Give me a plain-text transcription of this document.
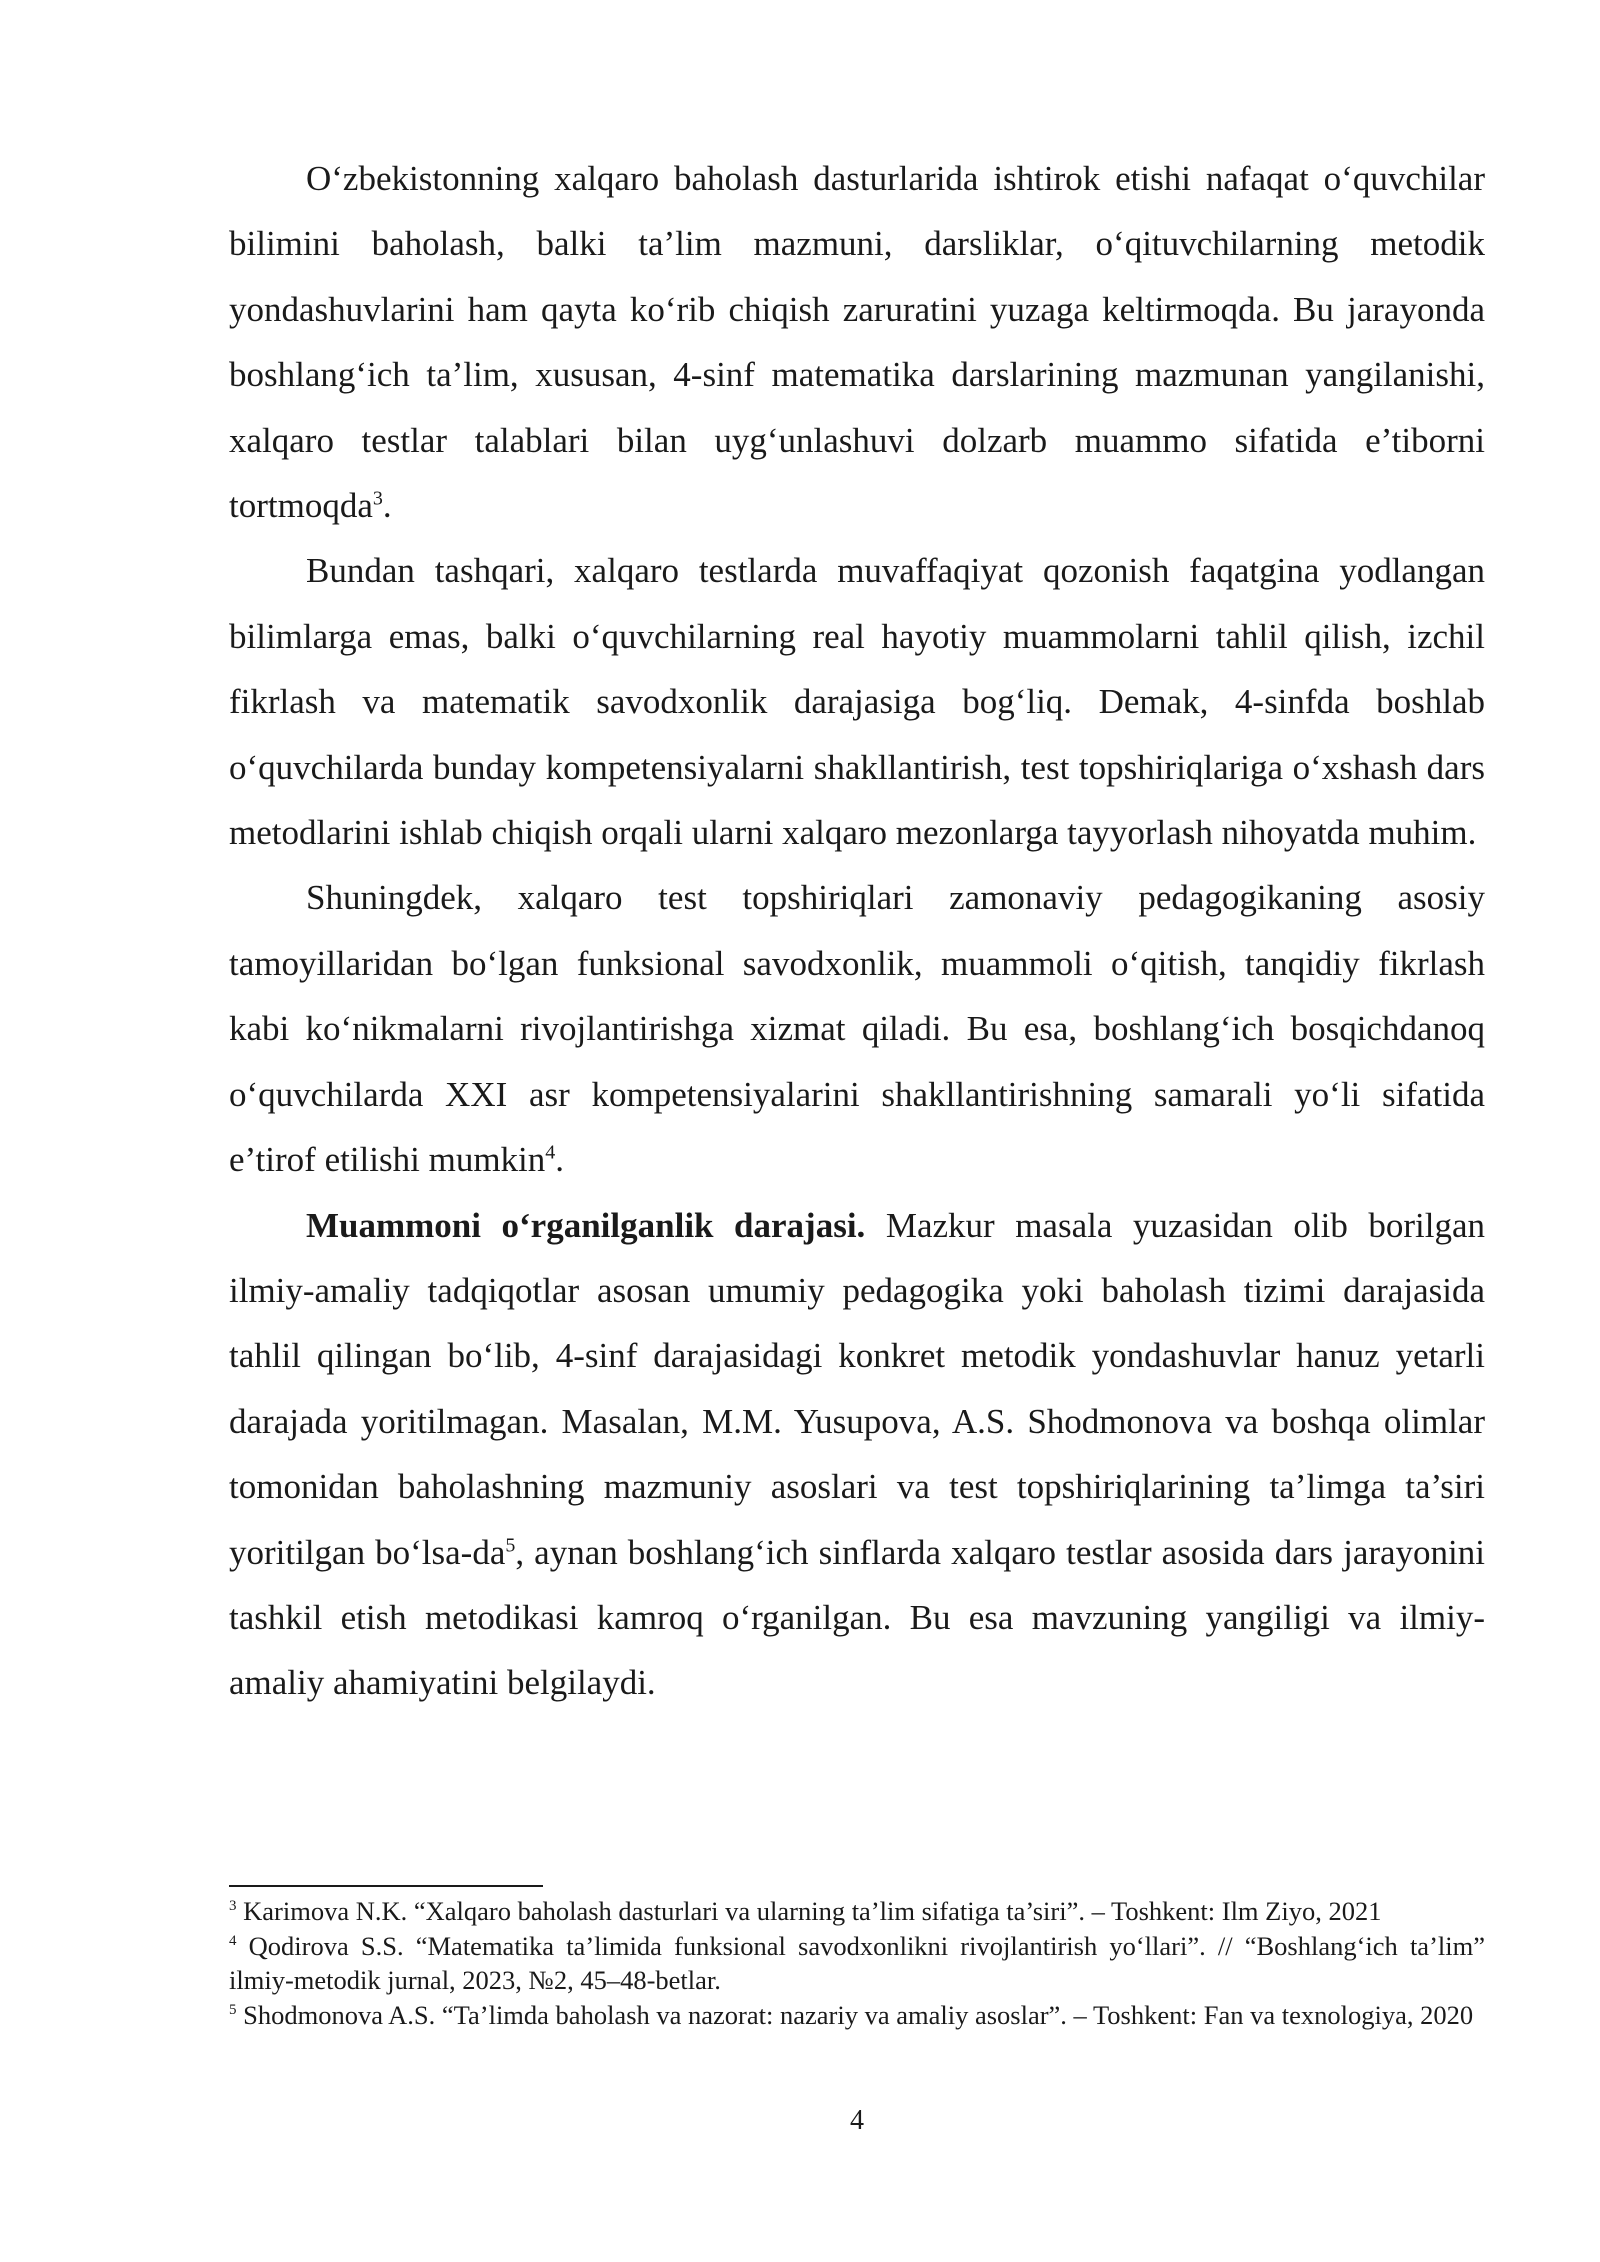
O‘zbekistonning xalqaro baholash dasturlarida ishtirok etishi nafaqat o‘quvchilar bilimini baholash, balki ta’lim mazmuni, darsliklar, o‘qituvchilarning metodik yondashuvlarini ham qayta ko‘rib chiqish zaruratini yuzaga keltirmoqda. Bu jarayonda boshlang‘ich ta’lim, xususan, 4-sinf matematika darslarining mazmunan yangilanishi, xalqaro testlar talablari bilan uyg‘unlashuvi dolzarb muammo sifatida e’tiborni tortmoqda$^3$.

Bundan tashqari, xalqaro testlarda muvaffaqiyat qozonish faqatgina yodlangan bilimlarga emas, balki o‘quvchilarning real hayotiy muammolarni tahlil qilish, izchil fikrlash va matematik savodxonlik darajasiga bog‘liq. Demak, 4-sinfda boshlab o‘quvchilarda bunday kompetensiyalarni shakllantirish, test topshiriqlariga o‘xshash dars metodlarini ishlab chiqish orqali ularni xalqaro mezonlarga tayyorlash nihoyatda muhim.

Shuningdek, xalqaro test topshiriqlari zamonaviy pedagogikaning asosiy tamoyillaridan bo‘lgan funksional savodxonlik, muammoli o‘qitish, tanqidiy fikrlash kabi ko‘nikmalarni rivojlantirishga xizmat qiladi. Bu esa, boshlang‘ich bosqichdanoq o‘quvchilarda XXI asr kompetensiyalarini shakllantirishning samarali yo‘li sifatida e’tirof etilishi mumkin$^4$.

Muammoni o‘rganilganlik darajasi. Mazkur masala yuzasidan olib borilgan ilmiy-amaliy tadqiqotlar asosan umumiy pedagogika yoki baholash tizimi darajasida tahlil qilingan bo‘lib, 4-sinf darajasidagi konkret metodik yondashuvlar hanuz yetarli darajada yoritilmagan. Masalan, M.M. Yusupova, A.S. Shodmonova va boshqa olimlar tomonidan baholashning mazmuniy asoslari va test topshiriqlarining ta’limga ta’siri yoritilgan $bo‘lsa-da^5$, aynan boshlang‘ich sinflarda xalqaro testlar asosida dars jarayonini tashkil etish metodikasi kamroq o‘rganilgan. Bu esa mavzuning yangiligi va ilmiy-amaliy ahamiyatini belgilaydi.

$^3$ Karimova N.K. “Xalqaro baholash dasturlari va ularning ta’lim sifatiga ta’siri”. – Toshkent: Ilm Ziyo, 2021

$^4$ Qodirova S.S. “Matematika ta’limida funksional savodxonlikni rivojlantirish yo‘llari”. // “Boshlang‘ich ta’lim” ilmiy-metodik jurnal, 2023, №2, 45–48-betlar.

$^5$ Shodmonova A.S. “Ta’limda baholash va nazorat: nazariy va amaliy asoslar”. – Toshkent: Fan va texnologiya, 2020

4
